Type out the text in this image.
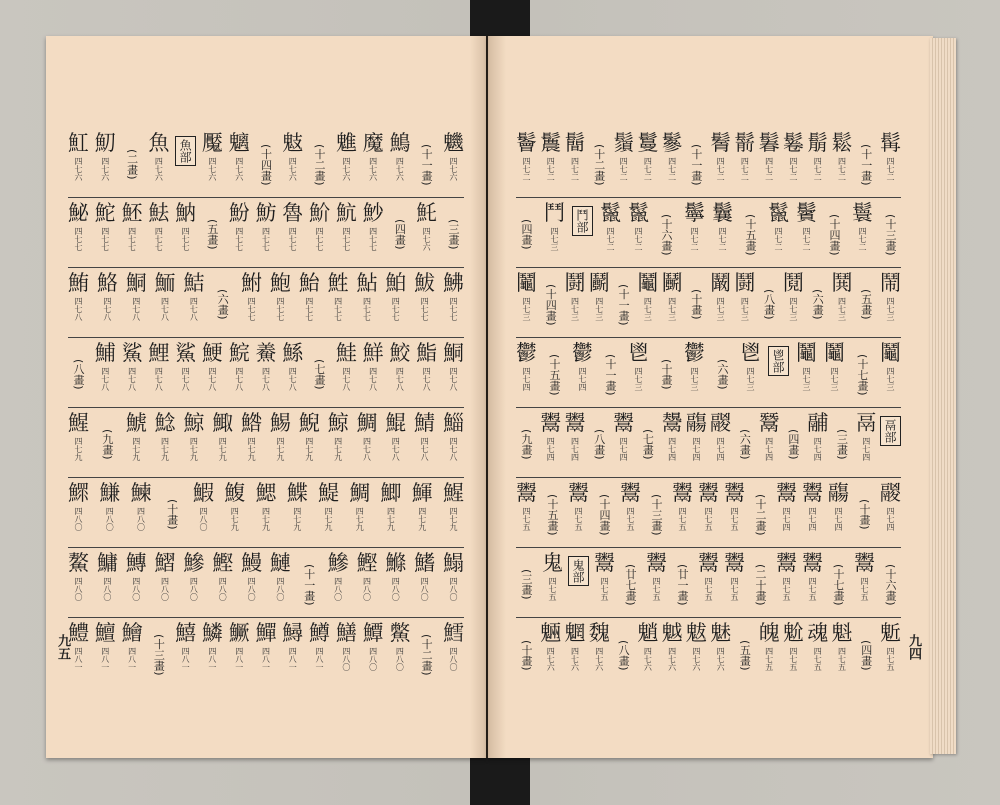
魕
四七六
(十一畫)
鷠
四七六
魔
四七六
魋
四七六
(十二畫)
鬾
四七六
(十四畫)
魑
四七六
魘
四七六
魚部
魚
四七六
(二畫)
魛
四七六
魟
四七六
(三畫)
魠
四七六
(四畫)
魦
四七七
魧
四七七
魪
四七七
魯
四七七
魴
四七七
魵
四七七
(五畫)
魶
四七七
魼
四七七
魾
四七七
鮀
四七七
鮅
四七七
鮄
四七七
鮁
四七七
鮊
四七七
鮎
四七七
鮏
四七七
鮐
四七七
鮑
四七七
鮒
四七七
(六畫)
鮚
四七八
鮞
四七八
鮦
四七八
鮥
四七八
鮪
四七八
鮦
四七八
鮨
四七八
鮫
四七八
鮮
四七八
鮭
四七八
(七畫)
鯀
四七八
鯗
四七八
鯇
四七八
鯁
四七八
鯊
四七八
鯉
四七八
鯊
四七八
鯆
四七八
(八畫)
鯔
四七八
鯖
四七八
鯤
四七八
鯛
四七八
鯨
四七九
鯢
四七九
鯣
四七九
鯦
四七九
鯫
四七九
鯨
四七九
鯰
四七九
鯱
四七九
(九畫)
鯹
四七九
鯹
四七九
鯶
四七九
鯽
四七九
鯛
四七九
鯷
四七九
鰈
四七九
鰓
四七九
鰒
四七九
鰕
四八〇
(十畫)
鰊
四八〇
鰜
四八〇
鰥
四八〇
鰨
四八〇
鰭
四八〇
鰷
四八〇
鰹
四八〇
鰺
四八〇
(十一畫)
鰱
四八〇
鰻
四八〇
鰹
四八〇
鰺
四八〇
鰼
四八〇
鱄
四八〇
鱅
四八〇
鰲
四八〇
鱈
四八〇
(十二畫)
鱉
四八〇
鱏
四八〇
鱔
四八〇
鱒
四八一
鱘
四八一
鱓
四八一
鱖
四八一
鱗
四八一
鱚
四八一
(十三畫)
鱠
四八一
鱣
四八一
鱧
四八一
九五
髯
四七二
(十一畫)
鬆
四七二
鬅
四七二
鬈
四七二
鬊
四七二
鬋
四七二
鬌
四七二
(十一畫)
鬖
四七二
鬘
四七二
鬚
四七二
(十二畫)
鬝
四七二
鬞
四七二
鬠
四七二
(十三畫)
鬟
四七二
(十四畫)
鬢
四七二
鬣
四七二
(十五畫)
鬤
四七二
鬡
四七二
(十六畫)
鬣
四七二
鬣
四七二
鬥部
鬥
四七三
(四畫)
鬧
四七三
(五畫)
鬨
四七三
(六畫)
鬩
四七三
(八畫)
鬪
四七三
鬫
四七三
(十畫)
鬭
四七三
鬮
四七三
(十一畫)
鬬
四七三
鬪
四七三
(十四畫)
鬮
四七三
鬮
四七三
(十七畫)
鬮
四七三
鬮
四七三
鬯部
鬯
四七三
(六畫)
鬱
四七三
(十畫)
鬯
四七三
(十一畫)
鬱
四七四
(十五畫)
鬱
四七四
鬲部
鬲
四七四
(三畫)
鬴
四七四
(四畫)
鬵
四七四
(六畫)
鬷
四七四
鬺
四七四
鬹
四七四
(七畫)
鬻
四七四
(八畫)
鬻
四七四
鬻
四七四
(九畫)
鬷
四七四
(十畫)
鬺
四七四
鬻
四七四
鬻
四七四
(十二畫)
鬻
四七五
鬻
四七五
鬻
四七五
(十三畫)
鬻
四七五
(十四畫)
鬻
四七五
(十五畫)
鬻
四七五
(十六畫)
鬻
四七五
(十七畫)
鬻
四七五
鬻
四七五
(二十畫)
鬻
四七五
鬻
四七五
(廿一畫)
鬻
四七五
(廿七畫)
鬻
四七五
鬼部
鬼
四七五
(三畫)
鬿
四七五
(四畫)
魁
四七五
魂
四七五
魀
四七五
魄
四七五
(五畫)
魅
四七六
魃
四七六
魆
四七六
魈
四七六
(八畫)
魏
四七六
魍
四七六
魎
四七六
(十畫)	九四
